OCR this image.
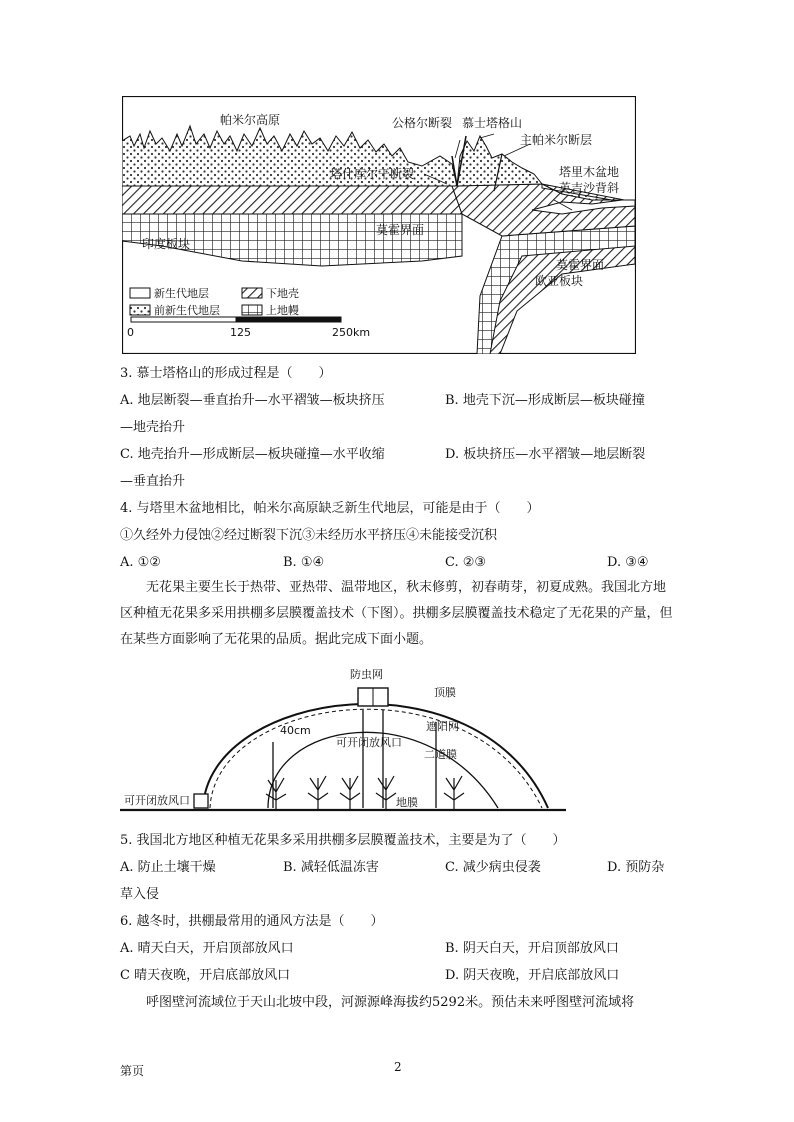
帕米尔高原	公格尔断裂 慕士塔格山
主帕米尔断层
塔什库尔干断裂	塔里木盆地
英吉沙背斜
莫霍界面
印度板块
莫霍界面
欧亚板块
新生代地层	下地壳
前新生代地层	上地幔
0	125	250km
3. 慕士塔格山的形成过程是（　　）
A. 地层断裂—垂直抬升—水平褶皱—板块挤压	B. 地壳下沉—形成断层—板块碰撞
—地壳抬升
C. 地壳抬升—形成断层—板块碰撞—水平收缩	D. 板块挤压—水平褶皱—地层断裂
—垂直抬升
4. 与塔里木盆地相比，帕米尔高原缺乏新生代地层，可能是由于（　　）
①久经外力侵蚀②经过断裂下沉③未经历水平挤压④未能接受沉积
A. ①②	B. ①④	C. ②③	D. ③④
无花果主要生长于热带、亚热带、温带地区，秋末修剪，初春萌芽，初夏成熟。我国北方地区种植无花果多采用拱棚多层膜覆盖技术（下图）。拱棚多层膜覆盖技术稳定了无花果的产量，但在某些方面影响了无花果的品质。据此完成下面小题。
防虫网
顶膜
遮阳网
40cm
可开闭放风口
二道膜
可开闭放风口	地膜
5. 我国北方地区种植无花果多采用拱棚多层膜覆盖技术，主要是为了（　　）
A. 防止土壤干燥	B. 减轻低温冻害	C. 减少病虫侵袭	D. 预防杂
草入侵
6. 越冬时，拱棚最常用的通风方法是（　　）
A. 晴天白天，开启顶部放风口	B. 阴天白天，开启顶部放风口
C 晴天夜晚，开启底部放风口	D. 阴天夜晚，开启底部放风口
呼图壁河流域位于天山北坡中段，河源源峰海拔约5292米。预估未来呼图壁河流域将
第页	2
